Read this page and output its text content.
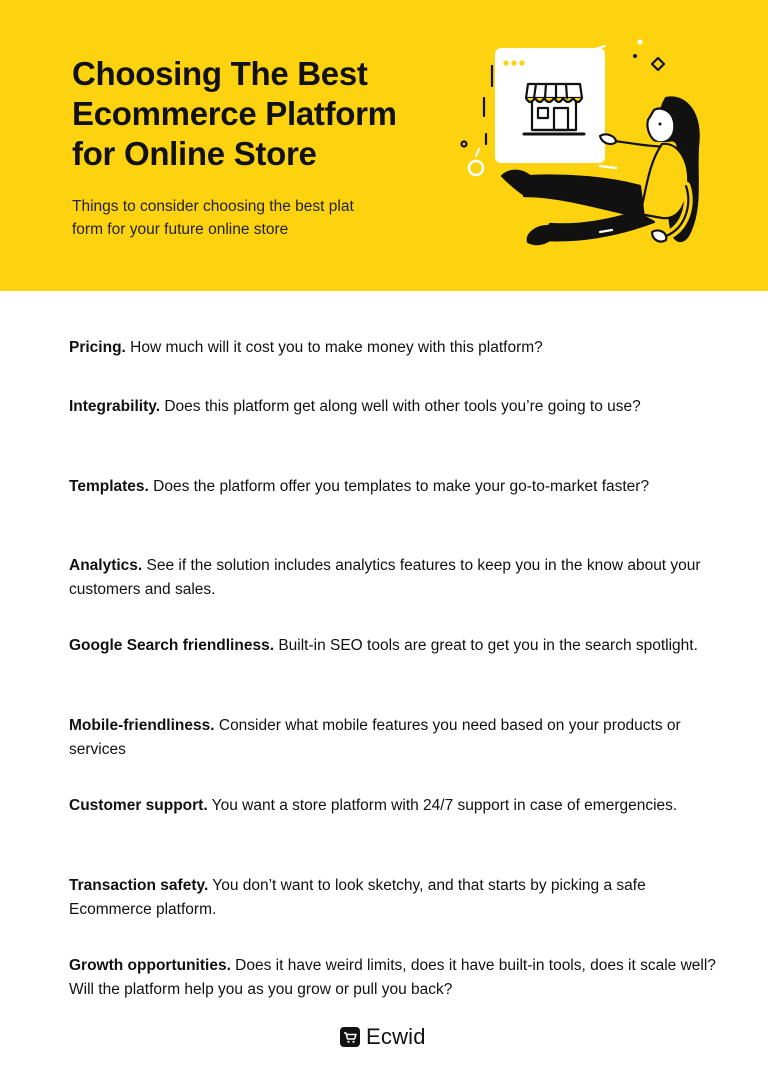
Choosing The Best
Ecommerce Platform
for Online Store

Things to consider choosing the best plat
form for your future online store

Pricing. How much will it cost you to make money with this platform?

Integrability. Does this platform get along well with other tools you’re going to use?

Templates. Does the platform offer you templates to make your go-to-market faster?

Analytics. See if the solution includes analytics features to keep you in the know about your customers and sales.

Google Search friendliness. Built-in SEO tools are great to get you in the search spotlight.

Mobile-friendliness. Consider what mobile features you need based on your products or services

Customer support. You want a store platform with 24/7 support in case of emergencies.

Transaction safety. You don’t want to look sketchy, and that starts by picking a safe Ecommerce platform.

Growth opportunities. Does it have weird limits, does it have built-in tools, does it scale well? Will the platform help you as you grow or pull you back?

Ecwid
